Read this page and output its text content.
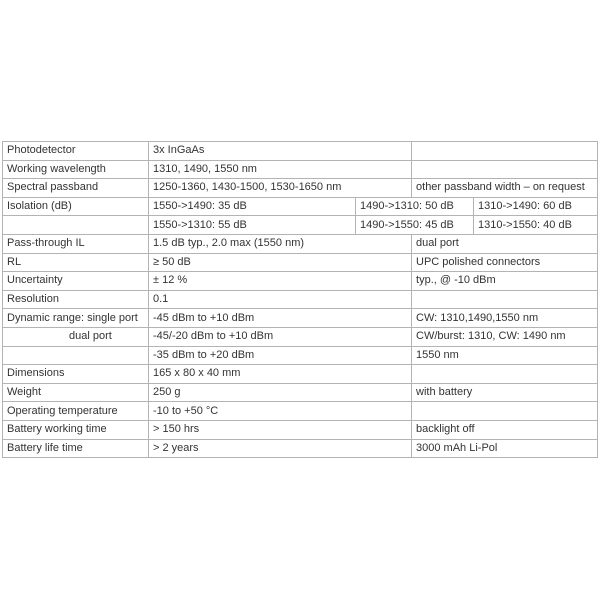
Photodetector	3x InGaAs			
Working wavelength	1310, 1490, 1550 nm			
Spectral passband	1250-1360, 1430-1500, 1530-1650 nm		other passband width – on request	
Isolation (dB)	1550->1490: 35 dB	1490->1310: 50 dB		1310->1490: 60 dB
	1550->1310: 55 dB	1490->1550: 45 dB		1310->1550: 40 dB
Pass-through IL	1.5 dB typ., 2.0 max (1550 nm)		dual port	
RL	≥ 50 dB		UPC polished connectors	
Uncertainty	± 12 %		typ., @ -10 dBm	
Resolution	0.1			
Dynamic range: single port	-45 dBm to +10 dBm		CW: 1310,1490,1550 nm	
dual port	-45/-20 dBm to +10 dBm		CW/burst: 1310, CW: 1490 nm	
	-35 dBm to +20 dBm		1550 nm	
Dimensions	165 x 80 x 40 mm			
Weight	250 g		with battery	
Operating temperature	-10 to +50 °C			
Battery working time	> 150 hrs		backlight off	
Battery life time	> 2 years		3000 mAh Li-Pol	
